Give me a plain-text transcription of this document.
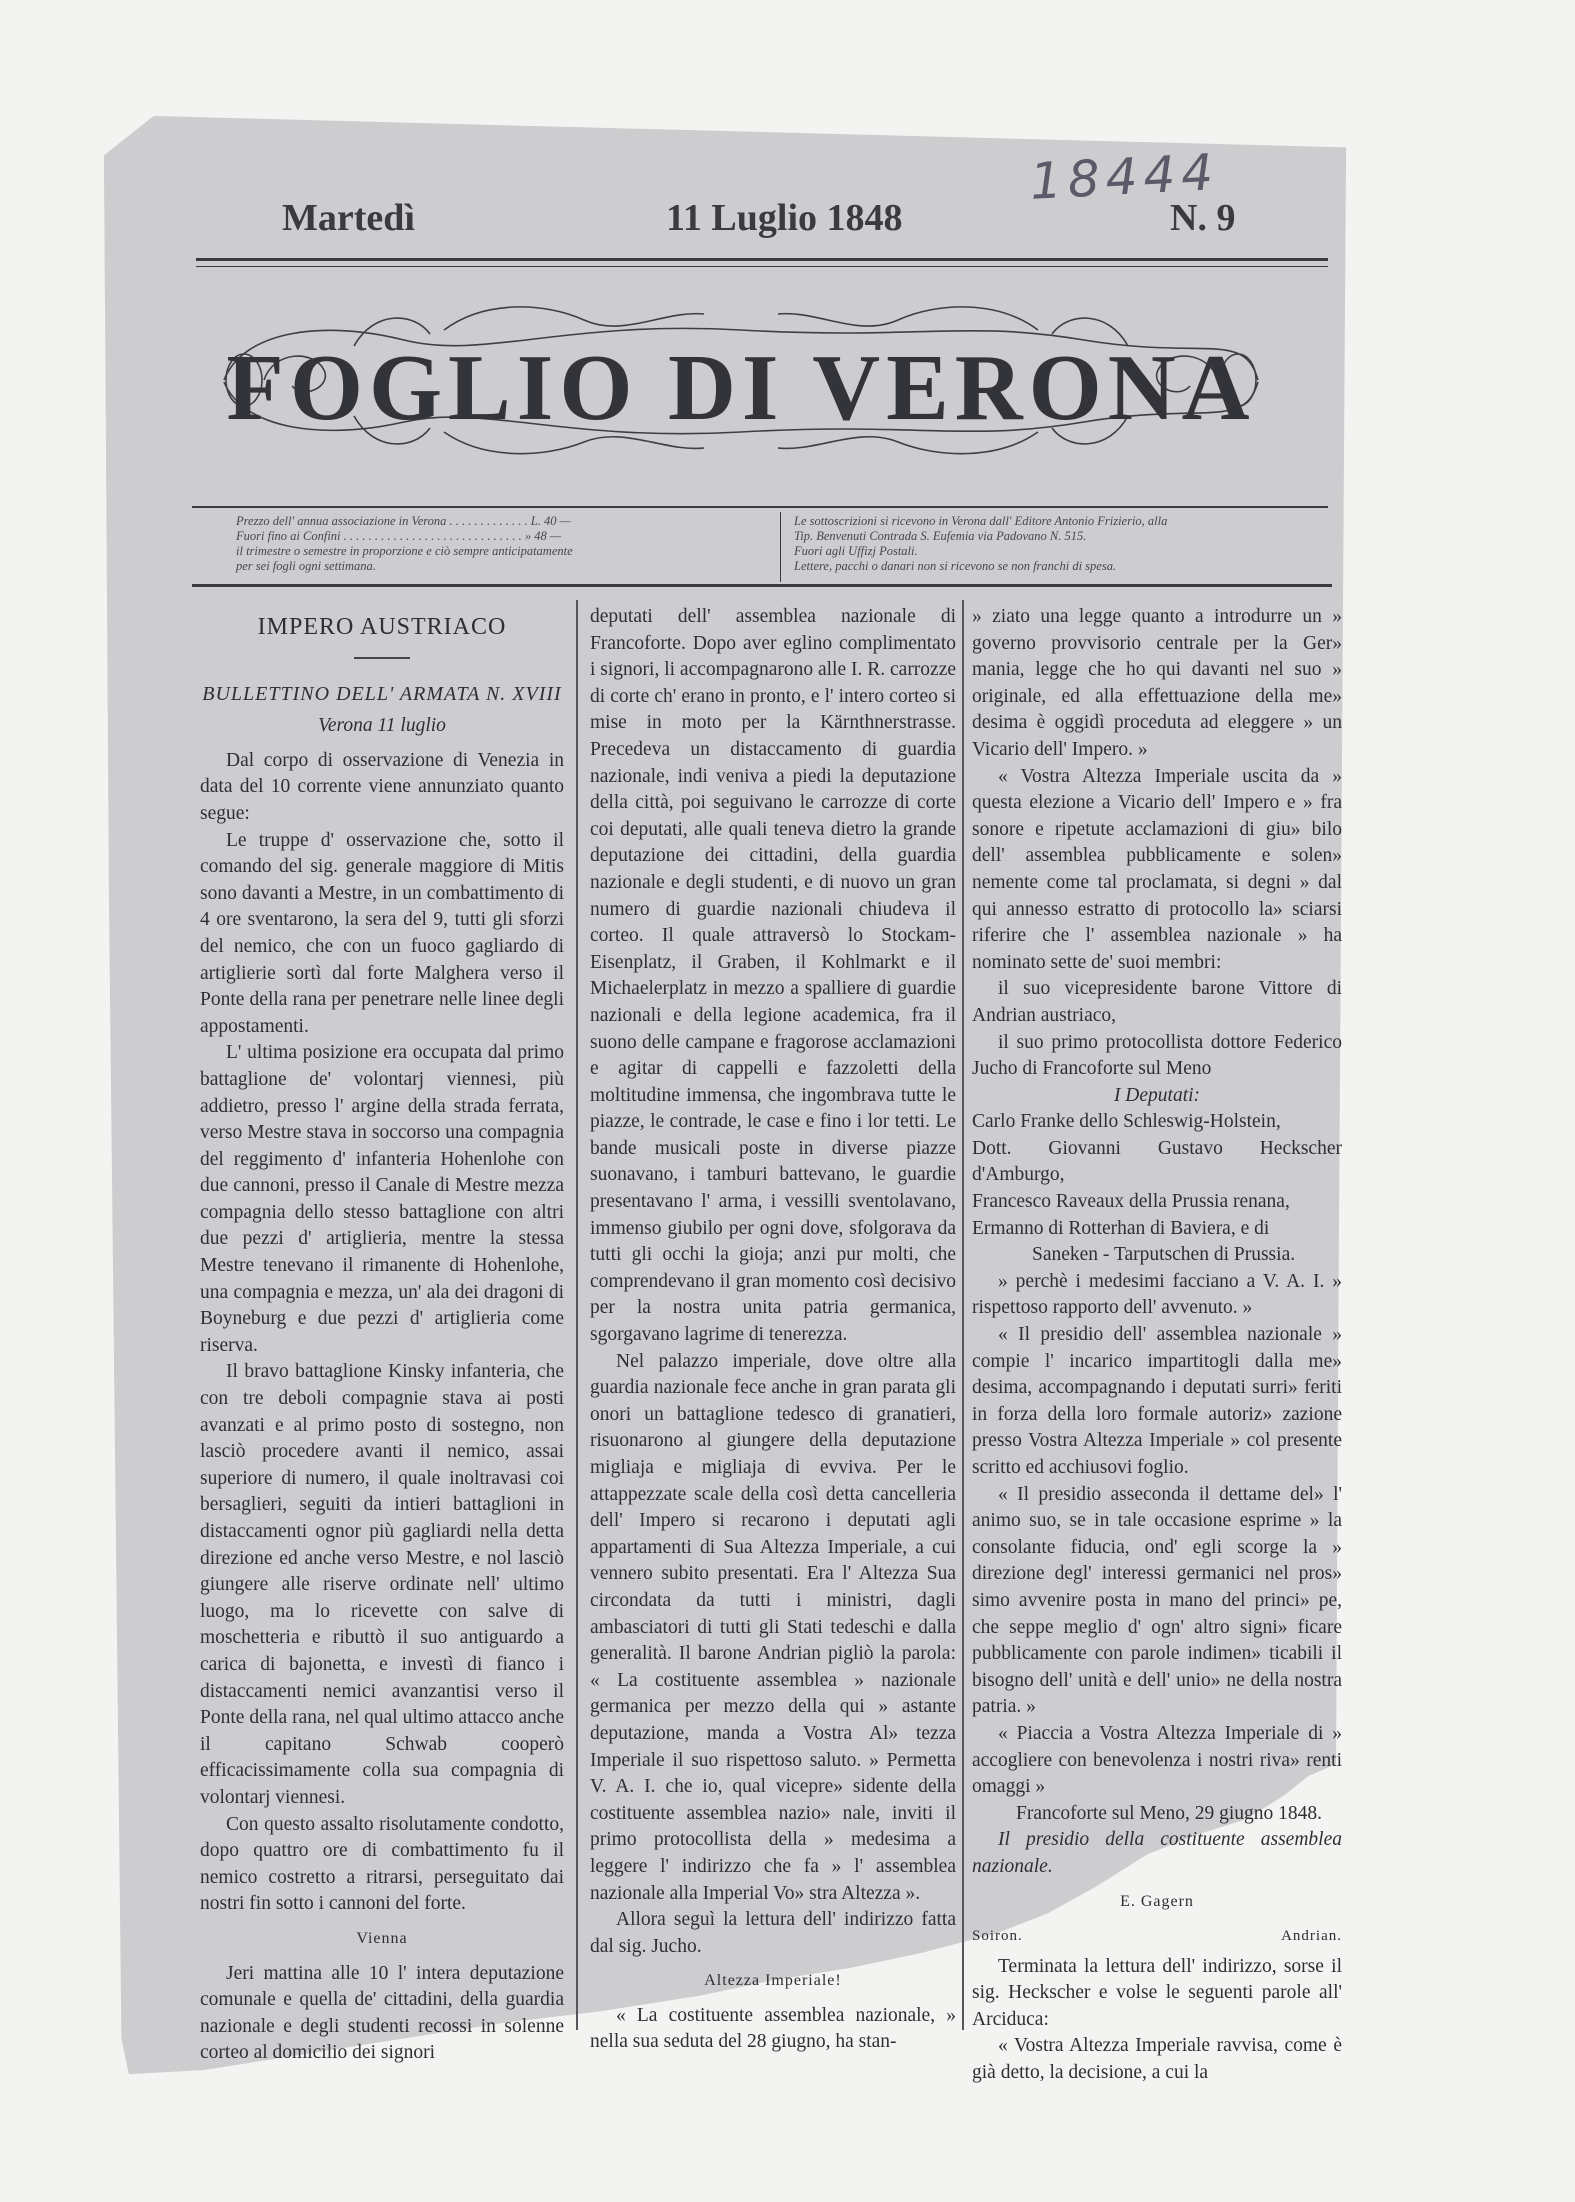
18444

Martedì	11 Luglio 1848	N. 9
FOGLIO DI VERONA

Prezzo dell' annua associazione in Verona . . . . . . . . . . . . . L. 40 —

Fuori fino ai Confini . . . . . . . . . . . . . . . . . . . . . . . . . . . . . » 48 —

il trimestre o semestre in proporzione e ciò sempre anticipatamente

per sei fogli ogni settimana.

Le sottoscrizioni si ricevono in Verona dall' Editore Antonio Frizierio, alla

Tip. Benvenuti Contrada S. Eufemia via Padovano N. 515.

Fuori agli Uffizj Postali.

Lettere, pacchi o danari non si ricevono se non franchi di spesa.

IMPERO AUSTRIACO
BULLETTINO DELL' ARMATA N. XVIII
Verona 11 luglio

Dal corpo di osservazione di Venezia in data del 10 corrente viene annunziato quanto segue:

Le truppe d' osservazione che, sotto il comando del sig. generale maggiore di Mitis sono davanti a Mestre, in un combattimento di 4 ore sventarono, la sera del 9, tutti gli sforzi del nemico, che con un fuoco gagliardo di artiglierie sortì dal forte Malghera verso il Ponte della rana per penetrare nelle linee degli appostamenti.

L' ultima posizione era occupata dal primo battaglione de' volontarj viennesi, più addietro, presso l' argine della strada ferrata, verso Mestre stava in soccorso una compagnia del reggimento d' infanteria Hohenlohe con due cannoni, presso il Canale di Mestre mezza compagnia dello stesso battaglione con altri due pezzi d' artiglieria, mentre la stessa Mestre tenevano il rimanente di Hohenlohe, una compagnia e mezza, un' ala dei dragoni di Boyneburg e due pezzi d' artiglieria come riserva.

Il bravo battaglione Kinsky infanteria, che con tre deboli compagnie stava ai posti avanzati e al primo posto di sostegno, non lasciò procedere avanti il nemico, assai superiore di numero, il quale inoltravasi coi bersaglieri, seguiti da intieri battaglioni in distaccamenti ognor più gagliardi nella detta direzione ed anche verso Mestre, e nol lasciò giungere alle riserve ordinate nell' ultimo luogo, ma lo ricevette con salve di moschetteria e ributtò il suo antiguardo a carica di bajonetta, e investì di fianco i distaccamenti nemici avanzantisi verso il Ponte della rana, nel qual ultimo attacco anche il capitano Schwab cooperò efficacissimamente colla sua compagnia di volontarj viennesi.

Con questo assalto risolutamente condotto, dopo quattro ore di combattimento fu il nemico costretto a ritrarsi, perseguitato dai nostri fin sotto i cannoni del forte.

Vienna

Jeri mattina alle 10 l' intera deputazione comunale e quella de' cittadini, della guardia nazionale e degli studenti recossi in solenne corteo al domicilio dei signori

deputati dell' assemblea nazionale di Francoforte. Dopo aver eglino complimentato i signori, li accompagnarono alle I. R. carrozze di corte ch' erano in pronto, e l' intero corteo si mise in moto per la Kärnthnerstrasse. Precedeva un distaccamento di guardia nazionale, indi veniva a piedi la deputazione della città, poi seguivano le carrozze di corte coi deputati, alle quali teneva dietro la grande deputazione dei cittadini, della guardia nazionale e degli studenti, e di nuovo un gran numero di guardie nazionali chiudeva il corteo. Il quale attraversò lo Stockam-Eisenplatz, il Graben, il Kohlmarkt e il Michaelerplatz in mezzo a spalliere di guardie nazionali e della legione academica, fra il suono delle campane e fragorose acclamazioni e agitar di cappelli e fazzoletti della moltitudine immensa, che ingombrava tutte le piazze, le contrade, le case e fino i lor tetti. Le bande musicali poste in diverse piazze suonavano, i tamburi battevano, le guardie presentavano l' arma, i vessilli sventolavano, immenso giubilo per ogni dove, sfolgorava da tutti gli occhi la gioja; anzi pur molti, che comprendevano il gran momento così decisivo per la nostra unita patria germanica, sgorgavano lagrime di tenerezza.

Nel palazzo imperiale, dove oltre alla guardia nazionale fece anche in gran parata gli onori un battaglione tedesco di granatieri, risuonarono al giungere della deputazione migliaja e migliaja di evviva. Per le attappezzate scale della così detta cancelleria dell' Impero si recarono i deputati agli appartamenti di Sua Altezza Imperiale, a cui vennero subito presentati. Era l' Altezza Sua circondata da tutti i ministri, dagli ambasciatori di tutti gli Stati tedeschi e dalla generalità. Il barone Andrian pigliò la parola: « La costituente assemblea » nazionale germanica per mezzo della qui » astante deputazione, manda a Vostra Al» tezza Imperiale il suo rispettoso saluto. » Permetta V. A. I. che io, qual vicepre» sidente della costituente assemblea nazio» nale, inviti il primo protocollista della » medesima a leggere l' indirizzo che fa » l' assemblea nazionale alla Imperial Vo» stra Altezza ».

Allora seguì la lettura dell' indirizzo fatta dal sig. Jucho.

Altezza Imperiale!

« La costituente assemblea nazionale, » nella sua seduta del 28 giugno, ha stan-

» ziato una legge quanto a introdurre un » governo provvisorio centrale per la Ger» mania, legge che ho qui davanti nel suo » originale, ed alla effettuazione della me» desima è oggidì proceduta ad eleggere » un Vicario dell' Impero. »

« Vostra Altezza Imperiale uscita da » questa elezione a Vicario dell' Impero e » fra sonore e ripetute acclamazioni di giu» bilo dell' assemblea pubblicamente e solen» nemente come tal proclamata, si degni » dal qui annesso estratto di protocollo la» sciarsi riferire che l' assemblea nazionale » ha nominato sette de' suoi membri:

il suo vicepresidente barone Vittore di Andrian austriaco,

il suo primo protocollista dottore Federico Jucho di Francoforte sul Meno

I Deputati:

Carlo Franke dello Schleswig-Holstein,

Dott. Giovanni Gustavo Heckscher d'Amburgo,

Francesco Raveaux della Prussia renana,

Ermanno di Rotterhan di Baviera, e di

Saneken - Tarputschen di Prussia.

» perchè i medesimi facciano a V. A. I. » rispettoso rapporto dell' avvenuto. »

« Il presidio dell' assemblea nazionale » compie l' incarico impartitogli dalla me» desima, accompagnando i deputati surri» feriti in forza della loro formale autoriz» zazione presso Vostra Altezza Imperiale » col presente scritto ed acchiusovi foglio.

« Il presidio asseconda il dettame del» l' animo suo, se in tale occasione esprime » la consolante fiducia, ond' egli scorge la » direzione degl' interessi germanici nel pros» simo avvenire posta in mano del princi» pe, che seppe meglio d' ogn' altro signi» ficare pubblicamente con parole indimen» ticabili il bisogno dell' unità e dell' unio» ne della nostra patria. »

« Piaccia a Vostra Altezza Imperiale di » accogliere con benevolenza i nostri riva» renti omaggi »

Francoforte sul Meno, 29 giugno 1848.

Il presidio della costituente assemblea nazionale.

E. Gagern

Soiron.	Andrian.

Terminata la lettura dell' indirizzo, sorse il sig. Heckscher e volse le seguenti parole all' Arciduca:

« Vostra Altezza Imperiale ravvisa, come è già detto, la decisione, a cui la
